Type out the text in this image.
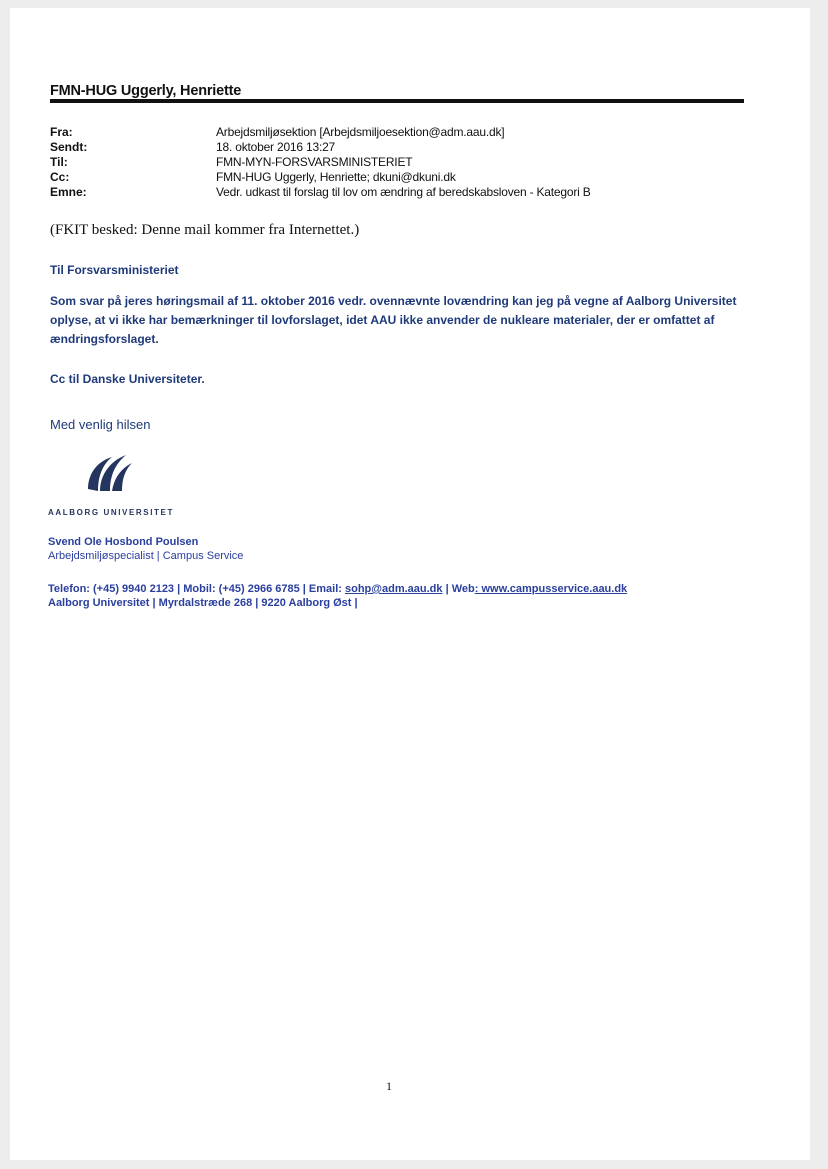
FMN-HUG Uggerly, Henriette
Fra:	Arbejdsmiljøsektion [Arbejdsmiljoesektion@adm.aau.dk]
Sendt:	18. oktober 2016 13:27
Til:	FMN-MYN-FORSVARSMINISTERIET
Cc:	FMN-HUG Uggerly, Henriette; dkuni@dkuni.dk
Emne:	Vedr. udkast til forslag til lov om ændring af beredskabsloven - Kategori B
(FKIT besked: Denne mail kommer fra Internettet.)
Til Forsvarsministeriet
Som svar på jeres høringsmail af 11. oktober 2016 vedr. ovennævnte lovændring kan jeg på vegne af Aalborg Universitet oplyse, at vi ikke har bemærkninger til lovforslaget, idet AAU ikke anvender de nukleare materialer, der er omfattet af ændringsforslaget.
Cc til Danske Universiteter.
Med venlig hilsen
AALBORG UNIVERSITET
Svend Ole Hosbond Poulsen
Arbejdsmiljøspecialist | Campus Service
Telefon: (+45) 9940 2123 | Mobil: (+45) 2966 6785 | Email: sohp@adm.aau.dk | Web: www.campusservice.aau.dk
Aalborg Universitet | Myrdalstræde 268 | 9220 Aalborg Øst |
1
